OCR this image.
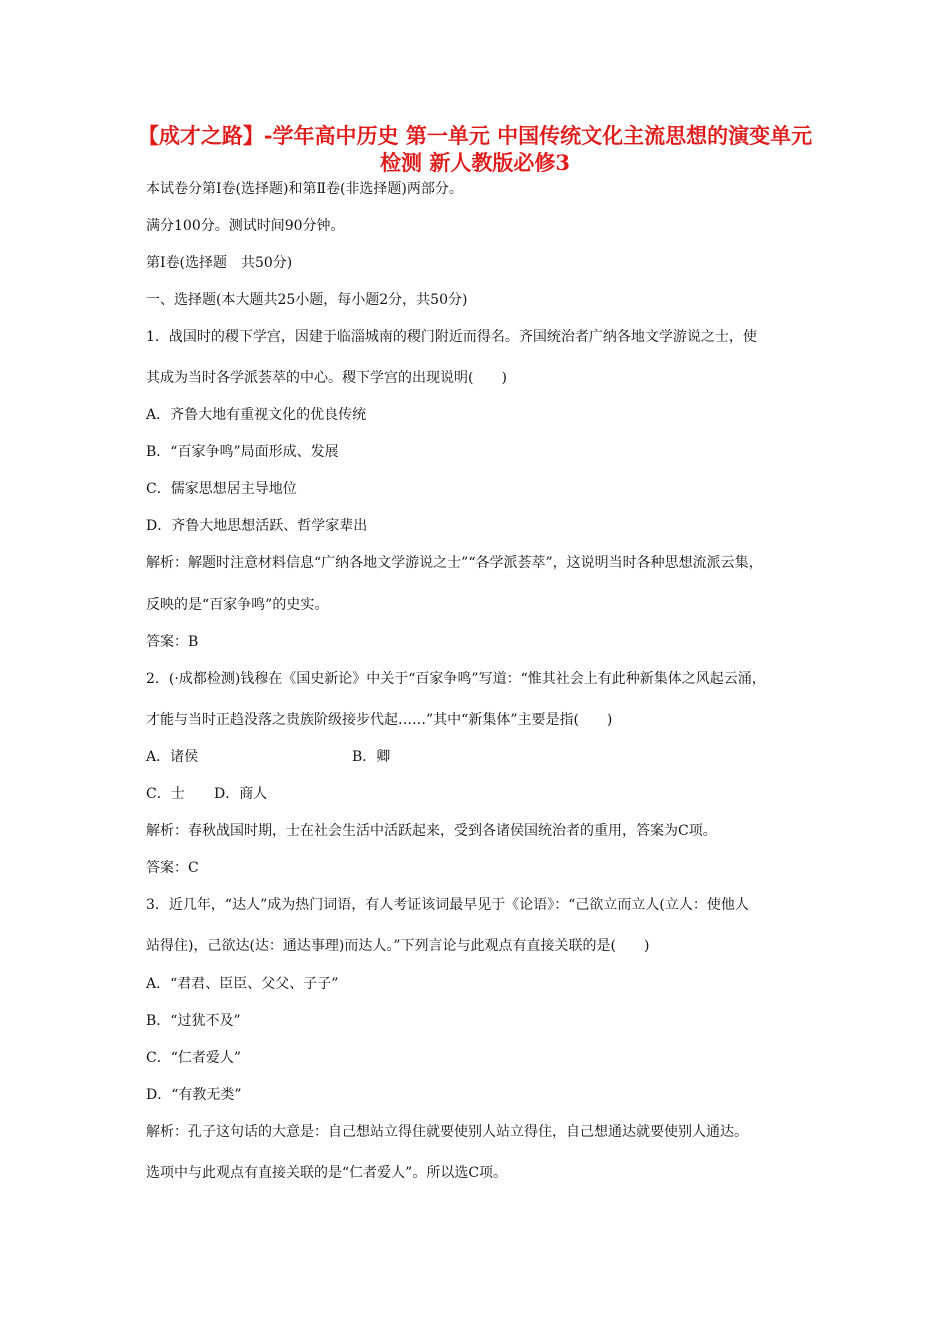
【成才之路】-学年高中历史 第一单元 中国传统文化主流思想的演变单元
检测 新人教版必修3
本试卷分第Ⅰ卷(选择题)和第Ⅱ卷(非选择题)两部分。
满分100分。测试时间90分钟。
第Ⅰ卷(选择题　共50分)
一、选择题(本大题共25小题，每小题2分，共50分)
1．战国时的稷下学宫，因建于临淄城南的稷门附近而得名。齐国统治者广纳各地文学游说之士，使
其成为当时各学派荟萃的中心。稷下学宫的出现说明(　　)
A．齐鲁大地有重视文化的优良传统
B．“百家争鸣”局面形成、发展
C．儒家思想居主导地位
D．齐鲁大地思想活跃、哲学家辈出
解析：解题时注意材料信息“广纳各地文学游说之士”“各学派荟萃”，这说明当时各种思想流派云集，
反映的是“百家争鸣”的史实。
答案：B
2．(·成都检测)钱穆在《国史新论》中关于“百家争鸣”写道：“惟其社会上有此种新集体之风起云涌，
才能与当时正趋没落之贵族阶级接步代起……”其中“新集体”主要是指(　　)
A．诸侯	B．卿
C．士 D．商人
解析：春秋战国时期，士在社会生活中活跃起来，受到各诸侯国统治者的重用，答案为C项。
答案：C
3．近几年，“达人”成为热门词语，有人考证该词最早见于《论语》：“己欲立而立人(立人：使他人
站得住)，己欲达(达：通达事理)而达人。”下列言论与此观点有直接关联的是(　　)
A．“君君、臣臣、父父、子子”
B．“过犹不及”
C．“仁者爱人”
D．“有教无类”
解析：孔子这句话的大意是：自己想站立得住就要使别人站立得住，自己想通达就要使别人通达。
选项中与此观点有直接关联的是“仁者爱人”。所以选C项。
